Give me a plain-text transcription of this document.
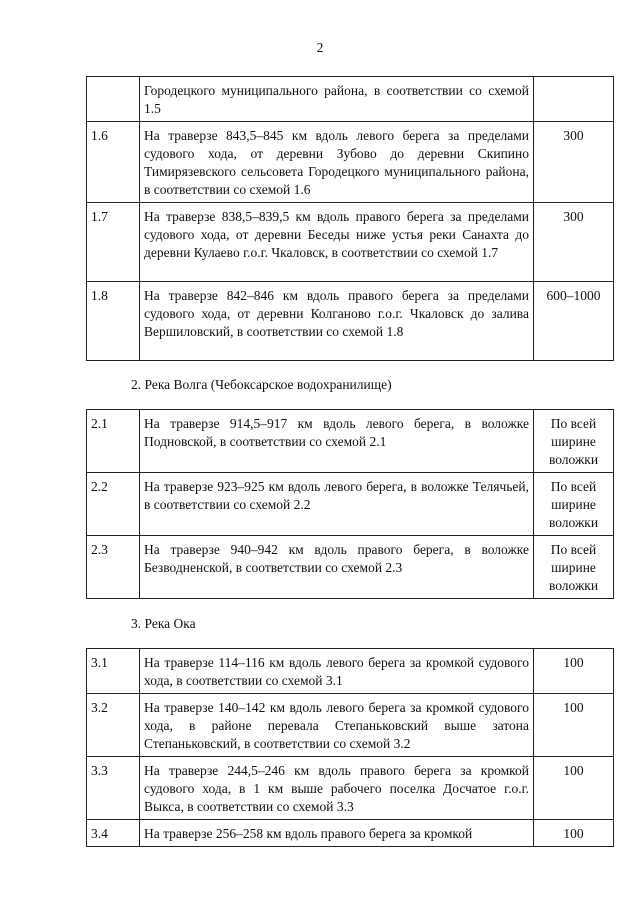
2
	Городецкого муниципального района, в соответствии со схемой 1.5	
1.6	На траверзе 843,5–845 км вдоль левого берега за пределами судового хода, от деревни Зубово до деревни Скипино Тимирязевского сельсовета Городецкого муниципального района, в соответствии со схемой 1.6	300
1.7	На траверзе 838,5–839,5 км вдоль правого берега за пределами судового хода, от деревни Беседы ниже устья реки Санахта до деревни Кулаево г.о.г. Чкаловск, в соответствии со схемой 1.7	300
1.8	На траверзе 842–846 км вдоль правого берега за пределами судового хода, от деревни Колганово г.о.г. Чкаловск до залива Вершиловский, в соответствии со схемой 1.8	600–1000
2. Река Волга (Чебоксарское водохранилище)
2.1	На траверзе 914,5–917 км вдоль левого берега, в воложке Подновской, в соответствии со схемой 2.1	По всей ширине воложки
2.2	На траверзе 923–925 км вдоль левого берега, в воложке Телячьей, в соответствии со схемой 2.2	По всей ширине воложки
2.3	На траверзе 940–942 км вдоль правого берега, в воложке Безводненской, в соответствии со схемой 2.3	По всей ширине воложки
3. Река Ока
3.1	На траверзе 114–116 км вдоль левого берега за кромкой судового хода, в соответствии со схемой 3.1	100
3.2	На траверзе 140–142 км вдоль левого берега за кромкой судового хода, в районе перевала Степаньковский выше затона Степаньковский, в соответствии со схемой 3.2	100
3.3	На траверзе 244,5–246 км вдоль правого берега за кромкой судового хода, в 1 км выше рабочего поселка Досчатое г.о.г. Выкса, в соответствии со схемой 3.3	100
3.4	На траверзе 256–258 км вдоль правого берега за кромкой	100
